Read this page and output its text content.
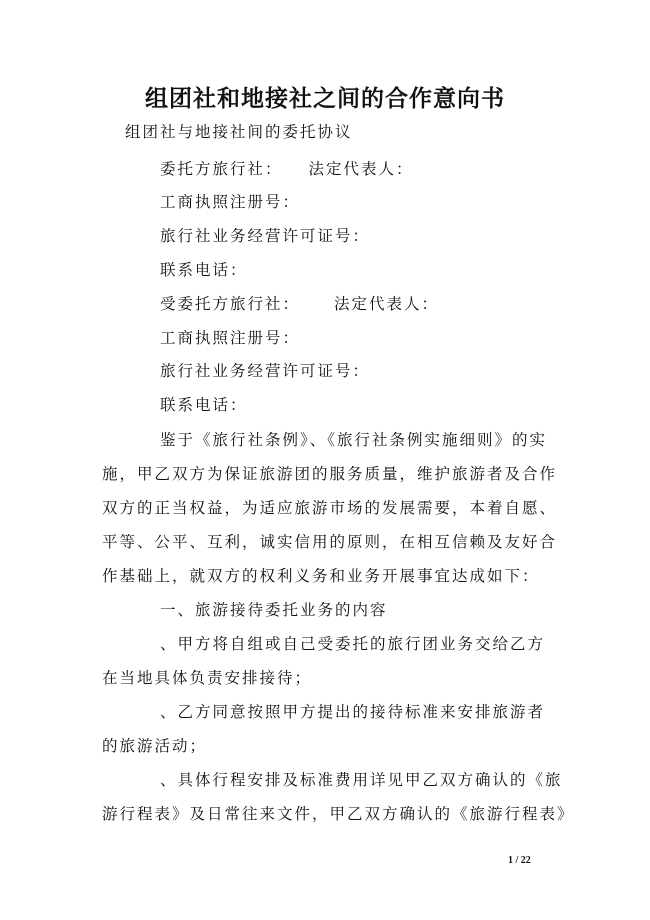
组团社和地接社之间的合作意向书
组团社与地接社间的委托协议
委托方旅行社： 法定代表人：
工商执照注册号：
旅行社业务经营许可证号：
联系电话：
受委托方旅行社： 法定代表人：
工商执照注册号：
旅行社业务经营许可证号：
联系电话：
鉴于《旅行社条例》、《旅行社条例实施细则》的实
施，甲乙双方为保证旅游团的服务质量，维护旅游者及合作
双方的正当权益，为适应旅游市场的发展需要，本着自愿、
平等、公平、互利，诚实信用的原则，在相互信赖及友好合
作基础上，就双方的权利义务和业务开展事宜达成如下：
一、旅游接待委托业务的内容
、甲方将自组或自己受委托的旅行团业务交给乙方
在当地具体负责安排接待；
、乙方同意按照甲方提出的接待标准来安排旅游者
的旅游活动；
、具体行程安排及标准费用详见甲乙双方确认的《旅
游行程表》及日常往来文件，甲乙双方确认的《旅游行程表》
1 / 22
